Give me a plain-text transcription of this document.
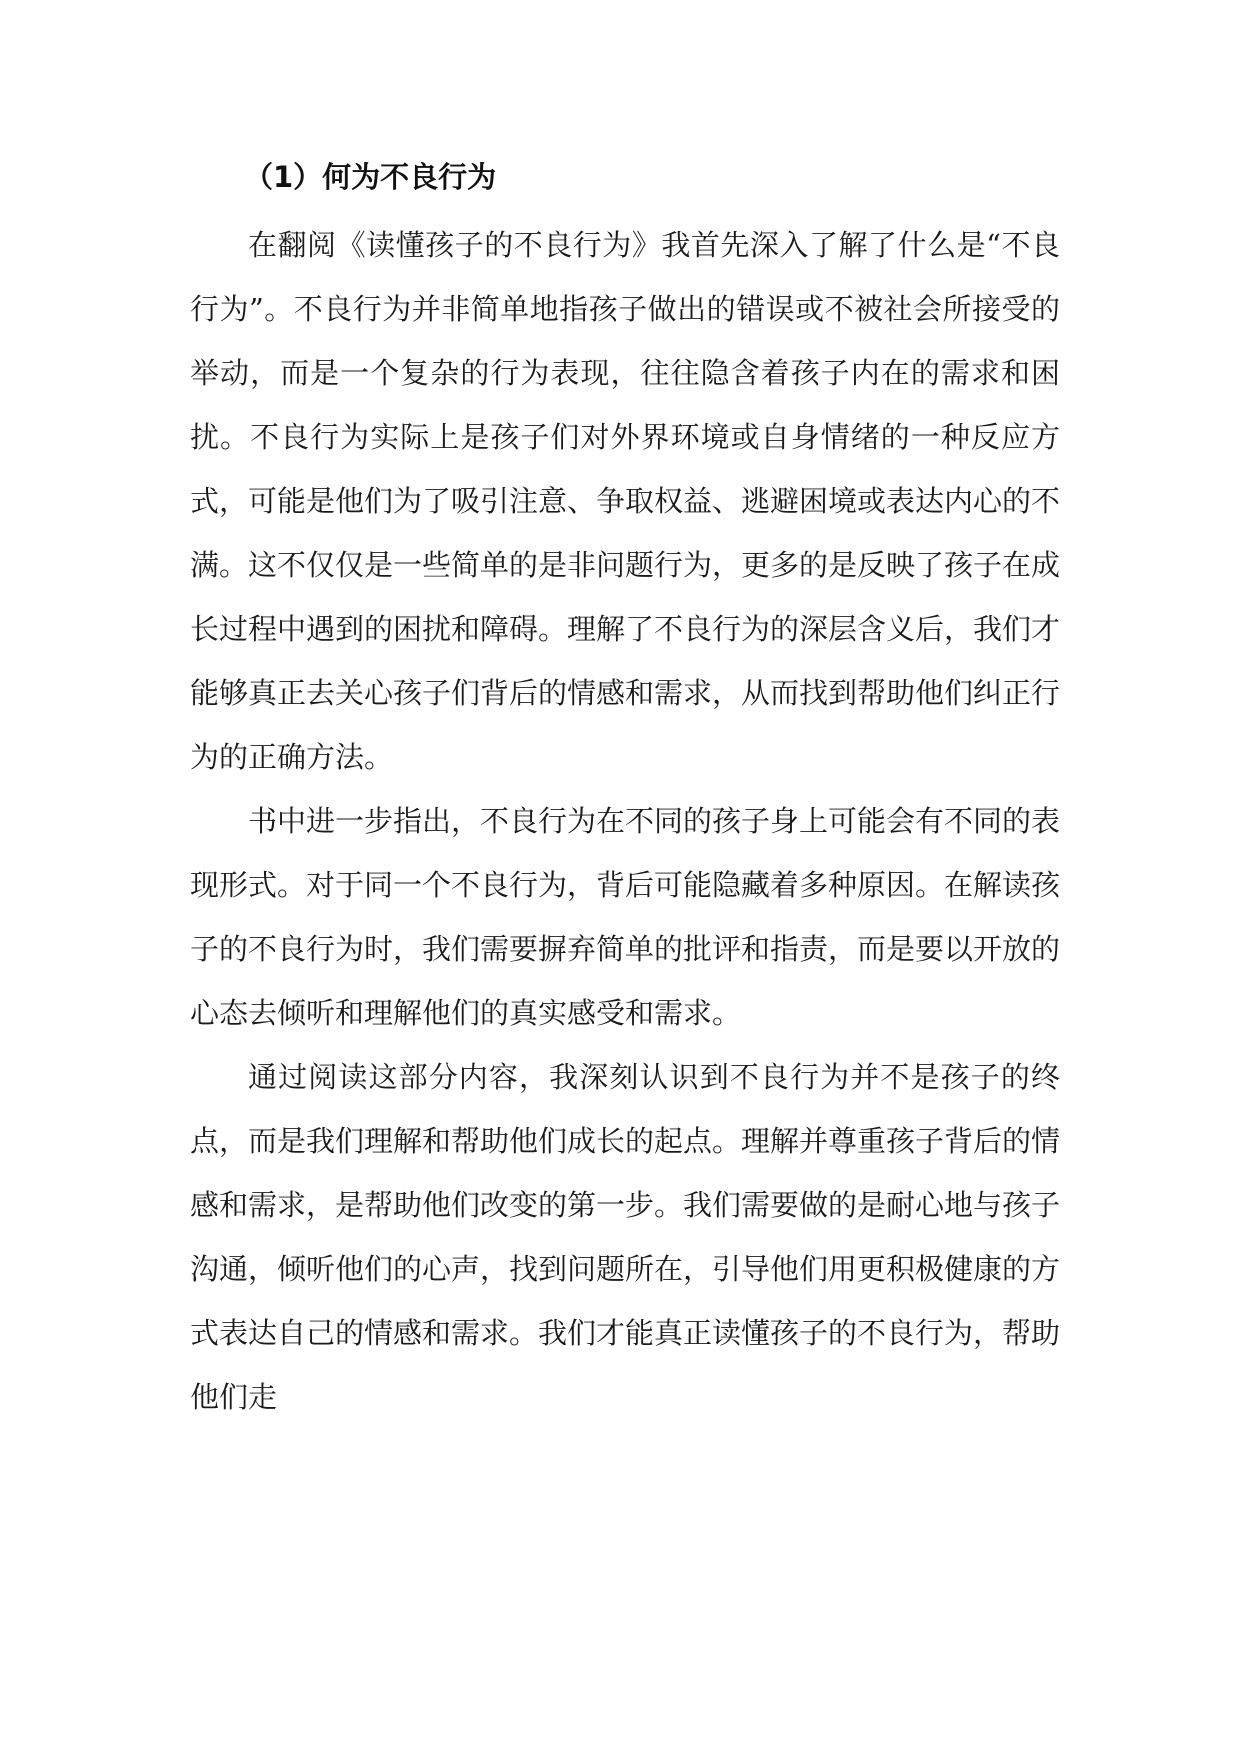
（1）何为不良行为

在翻阅《读懂孩子的不良行为》我首先深入了解了什么是“不良行为”。不良行为并非简单地指孩子做出的错误或不被社会所接受的举动，而是一个复杂的行为表现，往往隐含着孩子内在的需求和困扰。不良行为实际上是孩子们对外界环境或自身情绪的一种反应方式，可能是他们为了吸引注意、争取权益、逃避困境或表达内心的不满。这不仅仅是一些简单的是非问题行为，更多的是反映了孩子在成长过程中遇到的困扰和障碍。理解了不良行为的深层含义后，我们才能够真正去关心孩子们背后的情感和需求，从而找到帮助他们纠正行为的正确方法。

书中进一步指出，不良行为在不同的孩子身上可能会有不同的表现形式。对于同一个不良行为，背后可能隐藏着多种原因。在解读孩子的不良行为时，我们需要摒弃简单的批评和指责，而是要以开放的心态去倾听和理解他们的真实感受和需求。

通过阅读这部分内容，我深刻认识到不良行为并不是孩子的终点，而是我们理解和帮助他们成长的起点。理解并尊重孩子背后的情感和需求，是帮助他们改变的第一步。我们需要做的是耐心地与孩子沟通，倾听他们的心声，找到问题所在，引导他们用更积极健康的方式表达自己的情感和需求。我们才能真正读懂孩子的不良行为，帮助他们走
